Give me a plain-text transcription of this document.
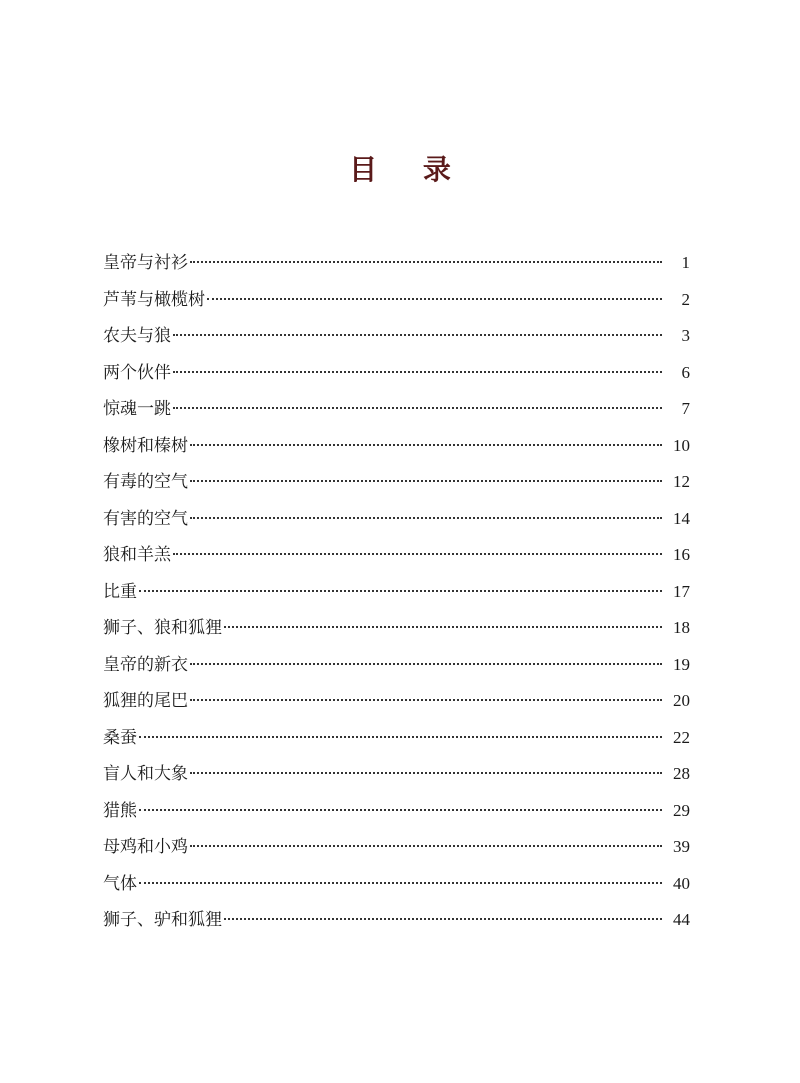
目 录
皇帝与衬衫	1
芦苇与橄榄树	2
农夫与狼	3
两个伙伴	6
惊魂一跳	7
橡树和榛树	10
有毒的空气	12
有害的空气	14
狼和羊羔	16
比重	17
狮子、狼和狐狸	18
皇帝的新衣	19
狐狸的尾巴	20
桑蚕	22
盲人和大象	28
猎熊	29
母鸡和小鸡	39
气体	40
狮子、驴和狐狸	44
